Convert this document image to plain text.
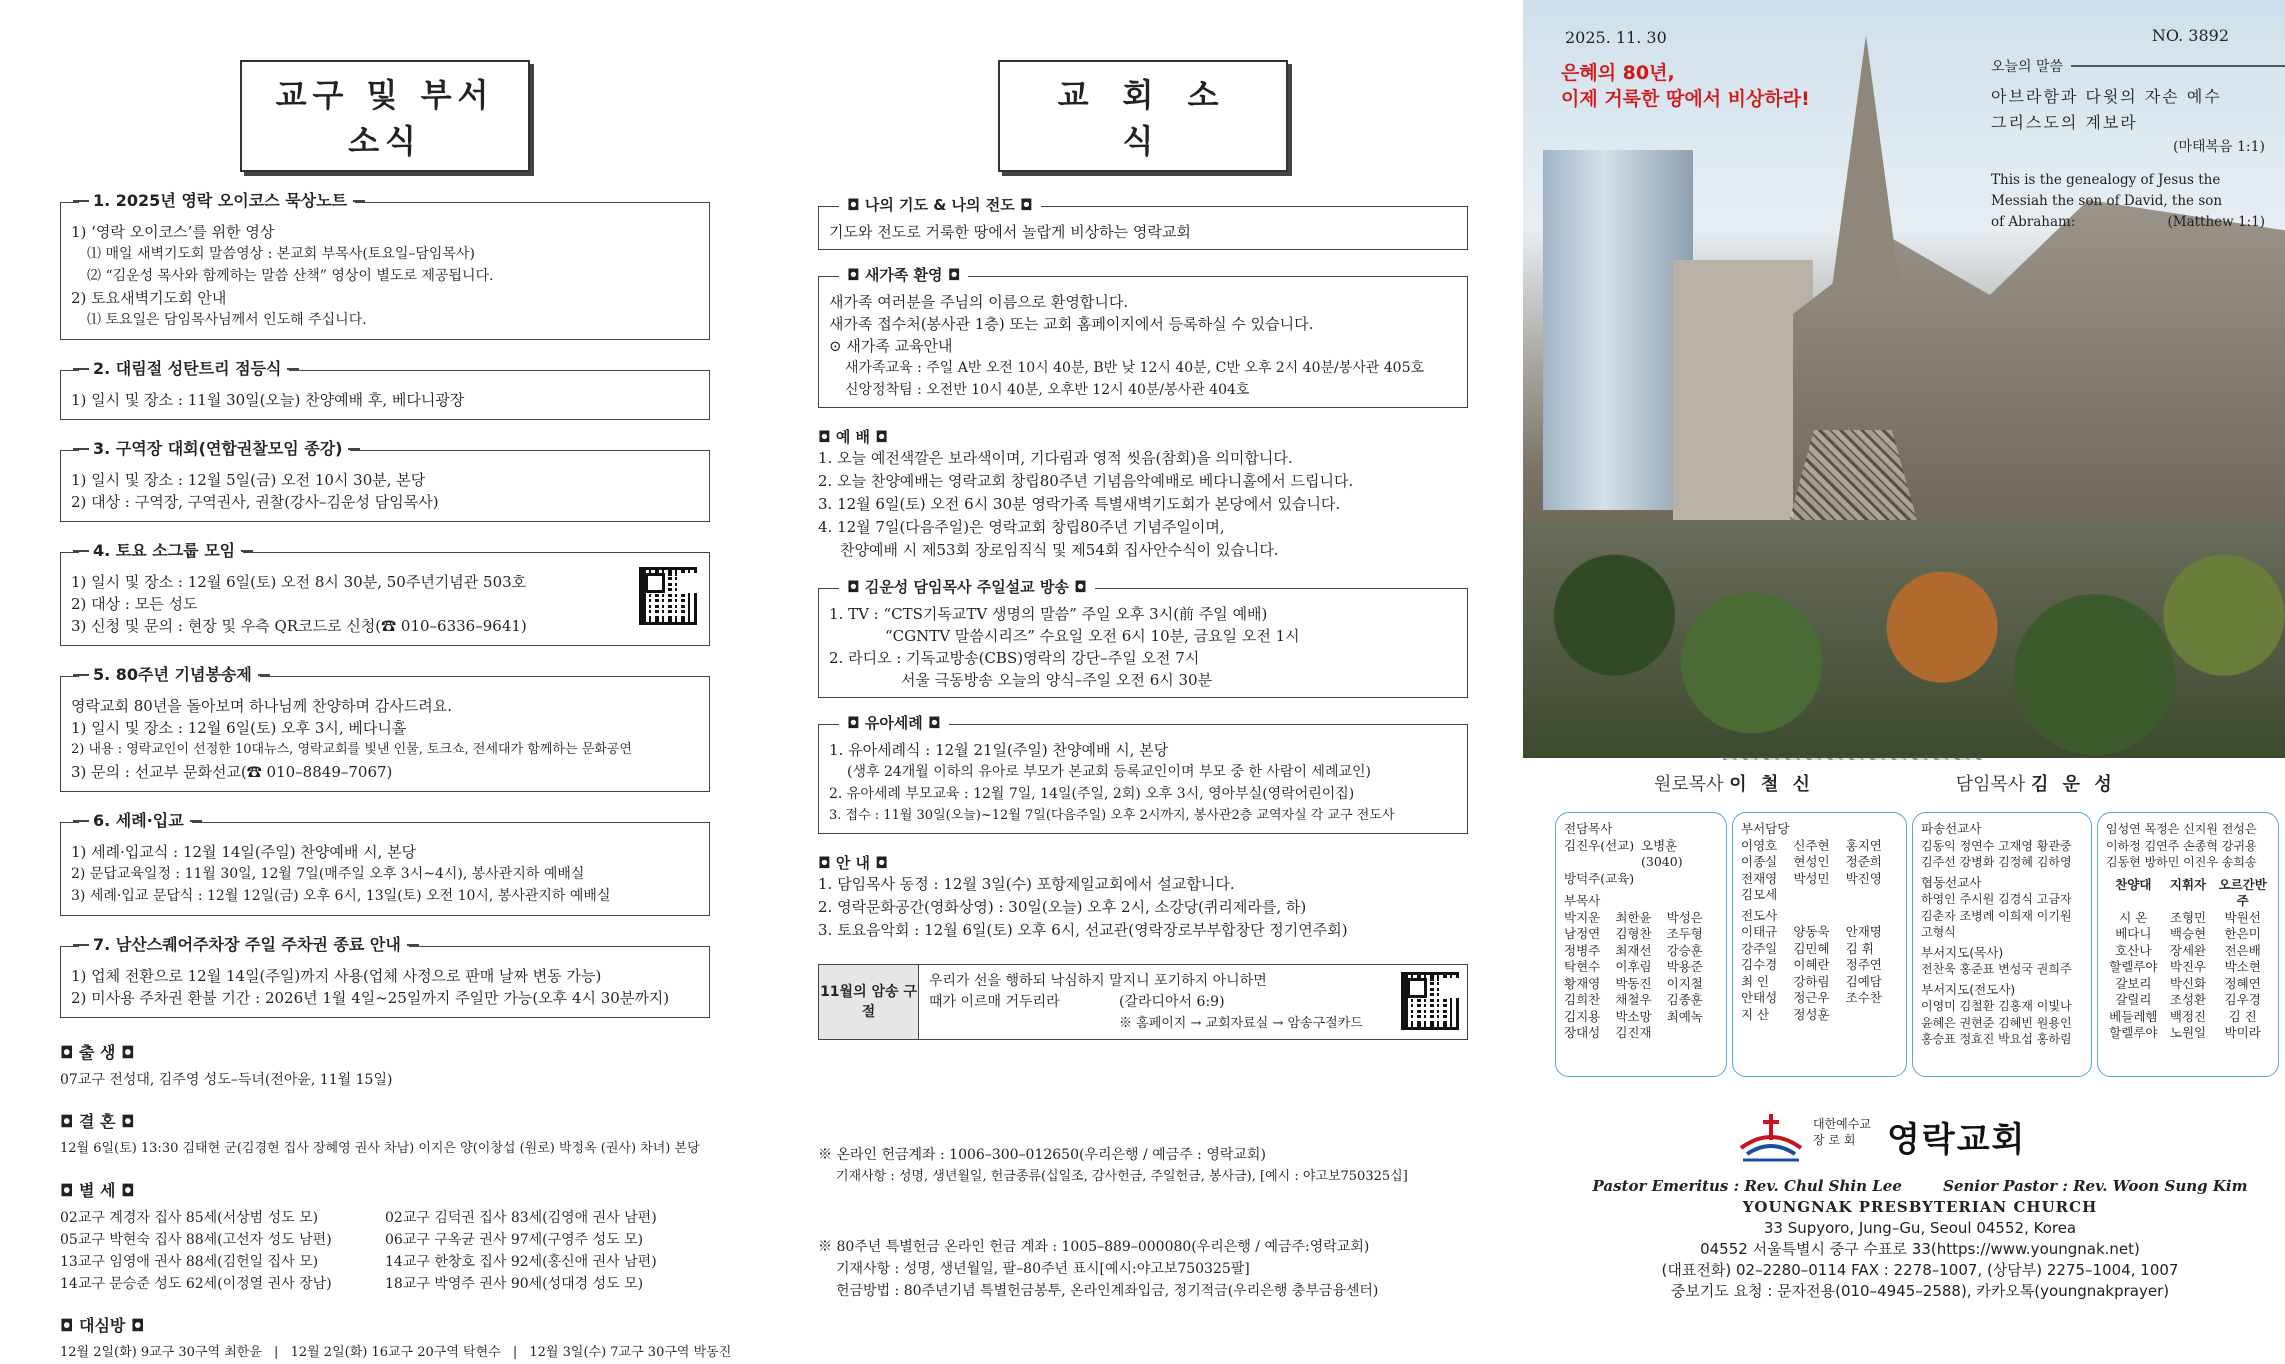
교구 및 부서소식
1. 2025년 영락 오이코스 묵상노트
1) ‘영락 오이코스’를 위한 영상
⑴ 매일 새벽기도회 말씀영상 : 본교회 부목사(토요일–담임목사)
⑵ “김운성 목사와 함께하는 말씀 산책” 영상이 별도로 제공됩니다.
2) 토요새벽기도회 안내
⑴ 토요일은 담임목사님께서 인도해 주십니다.
2. 대림절 성탄트리 점등식
1) 일시 및 장소 : 11월 30일(오늘) 찬양예배 후, 베다니광장
3. 구역장 대회(연합권찰모임 종강)
1) 일시 및 장소 : 12월 5일(금) 오전 10시 30분, 본당
2) 대상 : 구역장, 구역권사, 권찰(강사–김운성 담임목사)
4. 토요 소그룹 모임
1) 일시 및 장소 : 12월 6일(토) 오전 8시 30분, 50주년기념관 503호
2) 대상 : 모든 성도
3) 신청 및 문의 : 현장 및 우측 QR코드로 신청(☎ 010–6336–9641)
5. 80주년 기념봉송제
영락교회 80년을 돌아보며 하나님께 찬양하며 감사드려요.
1) 일시 및 장소 : 12월 6일(토) 오후 3시, 베다니홀
2) 내용 : 영락교인이 선정한 10대뉴스, 영락교회를 빛낸 인물, 토크쇼, 전세대가 함께하는 문화공연
3) 문의 : 선교부 문화선교(☎ 010–8849–7067)
6. 세례·입교
1) 세례·입교식 : 12월 14일(주일) 찬양예배 시, 본당
2) 문답교육일정 : 11월 30일, 12월 7일(매주일 오후 3시~4시), 봉사관지하 예배실
3) 세례·입교 문답식 : 12월 12일(금) 오후 6시, 13일(토) 오전 10시, 봉사관지하 예배실
7. 남산스퀘어주차장 주일 주차권 종료 안내
1) 업체 전환으로 12월 14일(주일)까지 사용(업체 사정으로 판매 날짜 변동 가능)
2) 미사용 주차권 환불 기간 : 2026년 1월 4일~25일까지 주일만 가능(오후 4시 30분까지)
◘ 출 생 ◘
07교구 전성대, 김주영 성도–득녀(전아윤, 11월 15일)
◘ 결 혼 ◘
12월 6일(토) 13:30 김태현 군(김경현 집사 장혜영 권사 차남) 이지은 양(이창섭 (원로) 박정옥 (권사) 차녀) 본당
◘ 별 세 ◘
02교구 계경자 집사 85세(서상범 성도 모)	02교구 김덕권 집사 83세(김영애 권사 남편)
05교구 박현숙 집사 88세(고선자 성도 남편)	06교구 구옥균 권사 97세(구영주 성도 모)
13교구 임영애 권사 88세(김헌일 집사 모)	14교구 한창호 집사 92세(홍신애 권사 남편)
14교구 문승준 성도 62세(이정열 권사 장남)	18교구 박영주 권사 90세(성대경 성도 모)
◘ 대심방 ◘
12월 2일(화) 9교구 30구역 최한윤 | 12월 2일(화) 16교구 20구역 탁현수 | 12월 3일(수) 7교구 30구역 박동진
교회소식
◘ 나의 기도 & 나의 전도 ◘
기도와 전도로 거룩한 땅에서 놀랍게 비상하는 영락교회
◘ 새가족 환영 ◘
새가족 여러분을 주님의 이름으로 환영합니다.
새가족 접수처(봉사관 1층) 또는 교회 홈페이지에서 등록하실 수 있습니다.
⊙ 새가족 교육안내
새가족교육 : 주일 A반 오전 10시 40분, B반 낮 12시 40분, C반 오후 2시 40분/봉사관 405호
신앙정착팀 : 오전반 10시 40분, 오후반 12시 40분/봉사관 404호
◘ 예 배 ◘
1. 오늘 예전색깔은 보라색이며, 기다림과 영적 씻음(참회)을 의미합니다.
2. 오늘 찬양예배는 영락교회 창립80주년 기념음악예배로 베다니홀에서 드립니다.
3. 12월 6일(토) 오전 6시 30분 영락가족 특별새벽기도회가 본당에서 있습니다.
4. 12월 7일(다음주일)은 영락교회 창립80주년 기념주일이며,
찬양예배 시 제53회 장로임직식 및 제54회 집사안수식이 있습니다.
◘ 김운성 담임목사 주일설교 방송 ◘
1. TV : “CTS기독교TV 생명의 말씀” 주일 오후 3시(前 주일 예배)
“CGNTV 말씀시리즈” 수요일 오전 6시 10분, 금요일 오전 1시
2. 라디오 : 기독교방송(CBS)영락의 강단–주일 오전 7시
서울 극동방송 오늘의 양식–주일 오전 6시 30분
◘ 유아세례 ◘
1. 유아세례식 : 12월 21일(주일) 찬양예배 시, 본당
(생후 24개월 이하의 유아로 부모가 본교회 등록교인이며 부모 중 한 사람이 세례교인)
2. 유아세례 부모교육 : 12월 7일, 14일(주일, 2회) 오후 3시, 영아부실(영락어린이집)
3. 접수 : 11월 30일(오늘)~12월 7일(다음주일) 오후 2시까지, 봉사관2층 교역자실 각 교구 전도사
◘ 안 내 ◘
1. 담임목사 동정 : 12월 3일(수) 포항제일교회에서 설교합니다.
2. 영락문화공간(영화상영) : 30일(오늘) 오후 2시, 소강당(퀴리제라를, 하)
3. 토요음악회 : 12월 6일(토) 오후 6시, 선교관(영락장로부부합창단 정기연주회)
11월의 암송 구절
우리가 선을 행하되 낙심하지 말지니 포기하지 아니하면
때가 이르매 거두리라	(갈라디아서 6:9)
※ 홈페이지 → 교회자료실 → 암송구절카드
※ 온라인 헌금계좌 : 1006–300–012650(우리은행 / 예금주 : 영락교회)
기재사항 : 성명, 생년월일, 헌금종류(십일조, 감사헌금, 주일헌금, 봉사금), [예시 : 야고보750325십]
※ 80주년 특별헌금 온라인 헌금 계좌 : 1005–889–000080(우리은행 / 예금주:영락교회)
기재사항 : 성명, 생년월일, 팔–80주년 표시[예시:야고보750325팔]
헌금방법 : 80주년기념 특별헌금봉투, 온라인계좌입금, 정기적금(우리은행 충부금융센터)
2025. 11. 30	NO. 3892
은혜의 80년,
이제 거룩한 땅에서 비상하라!
오늘의 말씀
아브라함과 다윗의 자손 예수
그리스도의 계보라
(마태복음 1:1)
This is the genealogy of Jesus the
Messiah the son of David, the son
of Abraham:	(Matthew 1:1)
원로목사 이 철 신	담임목사 김 운 성
전담목사
김진우(선교) 오병훈(3040)
방덕주(교육)
부목사
박지운	최한윤	박성은
남정연	김형찬	조두형
정병주	최재선	강승훈
탁현수	이후림	박용준
황재영	박동진	이지철
김희찬	채철우	김종훈
김지용	박소망	최예녹
장대성	김진재
부서담당
이영호	신주현	홍지연
이종실	현성인	정준희
전재영	박성민	박진영
김모세
전도사
이태규	양동욱	안재명
강주일	김민혜	김 휘
김수경	이혜란	정주연
최 인	강하림	김예담
안태성	정근우	조수찬
지 산	정성훈
파송선교사
김동익 정연수 고재영 황관중
김주선 강병화 김정혜 김하영
협동선교사
하영인 주시원 김경식 고금자
김춘자 조병례 이희재 이기원
고형식
부서지도(목사)
전찬욱 홍준표 변성국 권희주
부서지도(전도사)
이영미 김철환 김홍재 이빛나
윤혜은 권현준 김혜빈 원용인
홍승표 정효진 박요섭 홍하림
임성연 목정은 신지원 전성은
이하정 김연주 손종혁 강귀용
김동현 방하민 이진우 송희송
찬양대	지휘자 오르간반주
시 온	조형민	박원선
베다니	백승현	한은미
호산나	장세완	전은배
할렐루야 박진우	박소현
갈보리	박신화	정혜연
갈릴리	조성환	김우경
베들레헴 백정진	김 진
할렐루야 노원일	박미라
대한예수교
장 로 회 영락교회
Pastor Emeritus : Rev. Chul Shin Lee	Senior Pastor : Rev. Woon Sung Kim
YOUNGNAK PRESBYTERIAN CHURCH
33 Supyoro, Jung–Gu, Seoul 04552, Korea
04552 서울특별시 중구 수표로 33(https://www.youngnak.net)
(대표전화) 02–2280–0114 FAX : 2278–1007, (상담부) 2275–1004, 1007
중보기도 요청 : 문자전용(010–4945–2588), 카카오톡(youngnakprayer)
